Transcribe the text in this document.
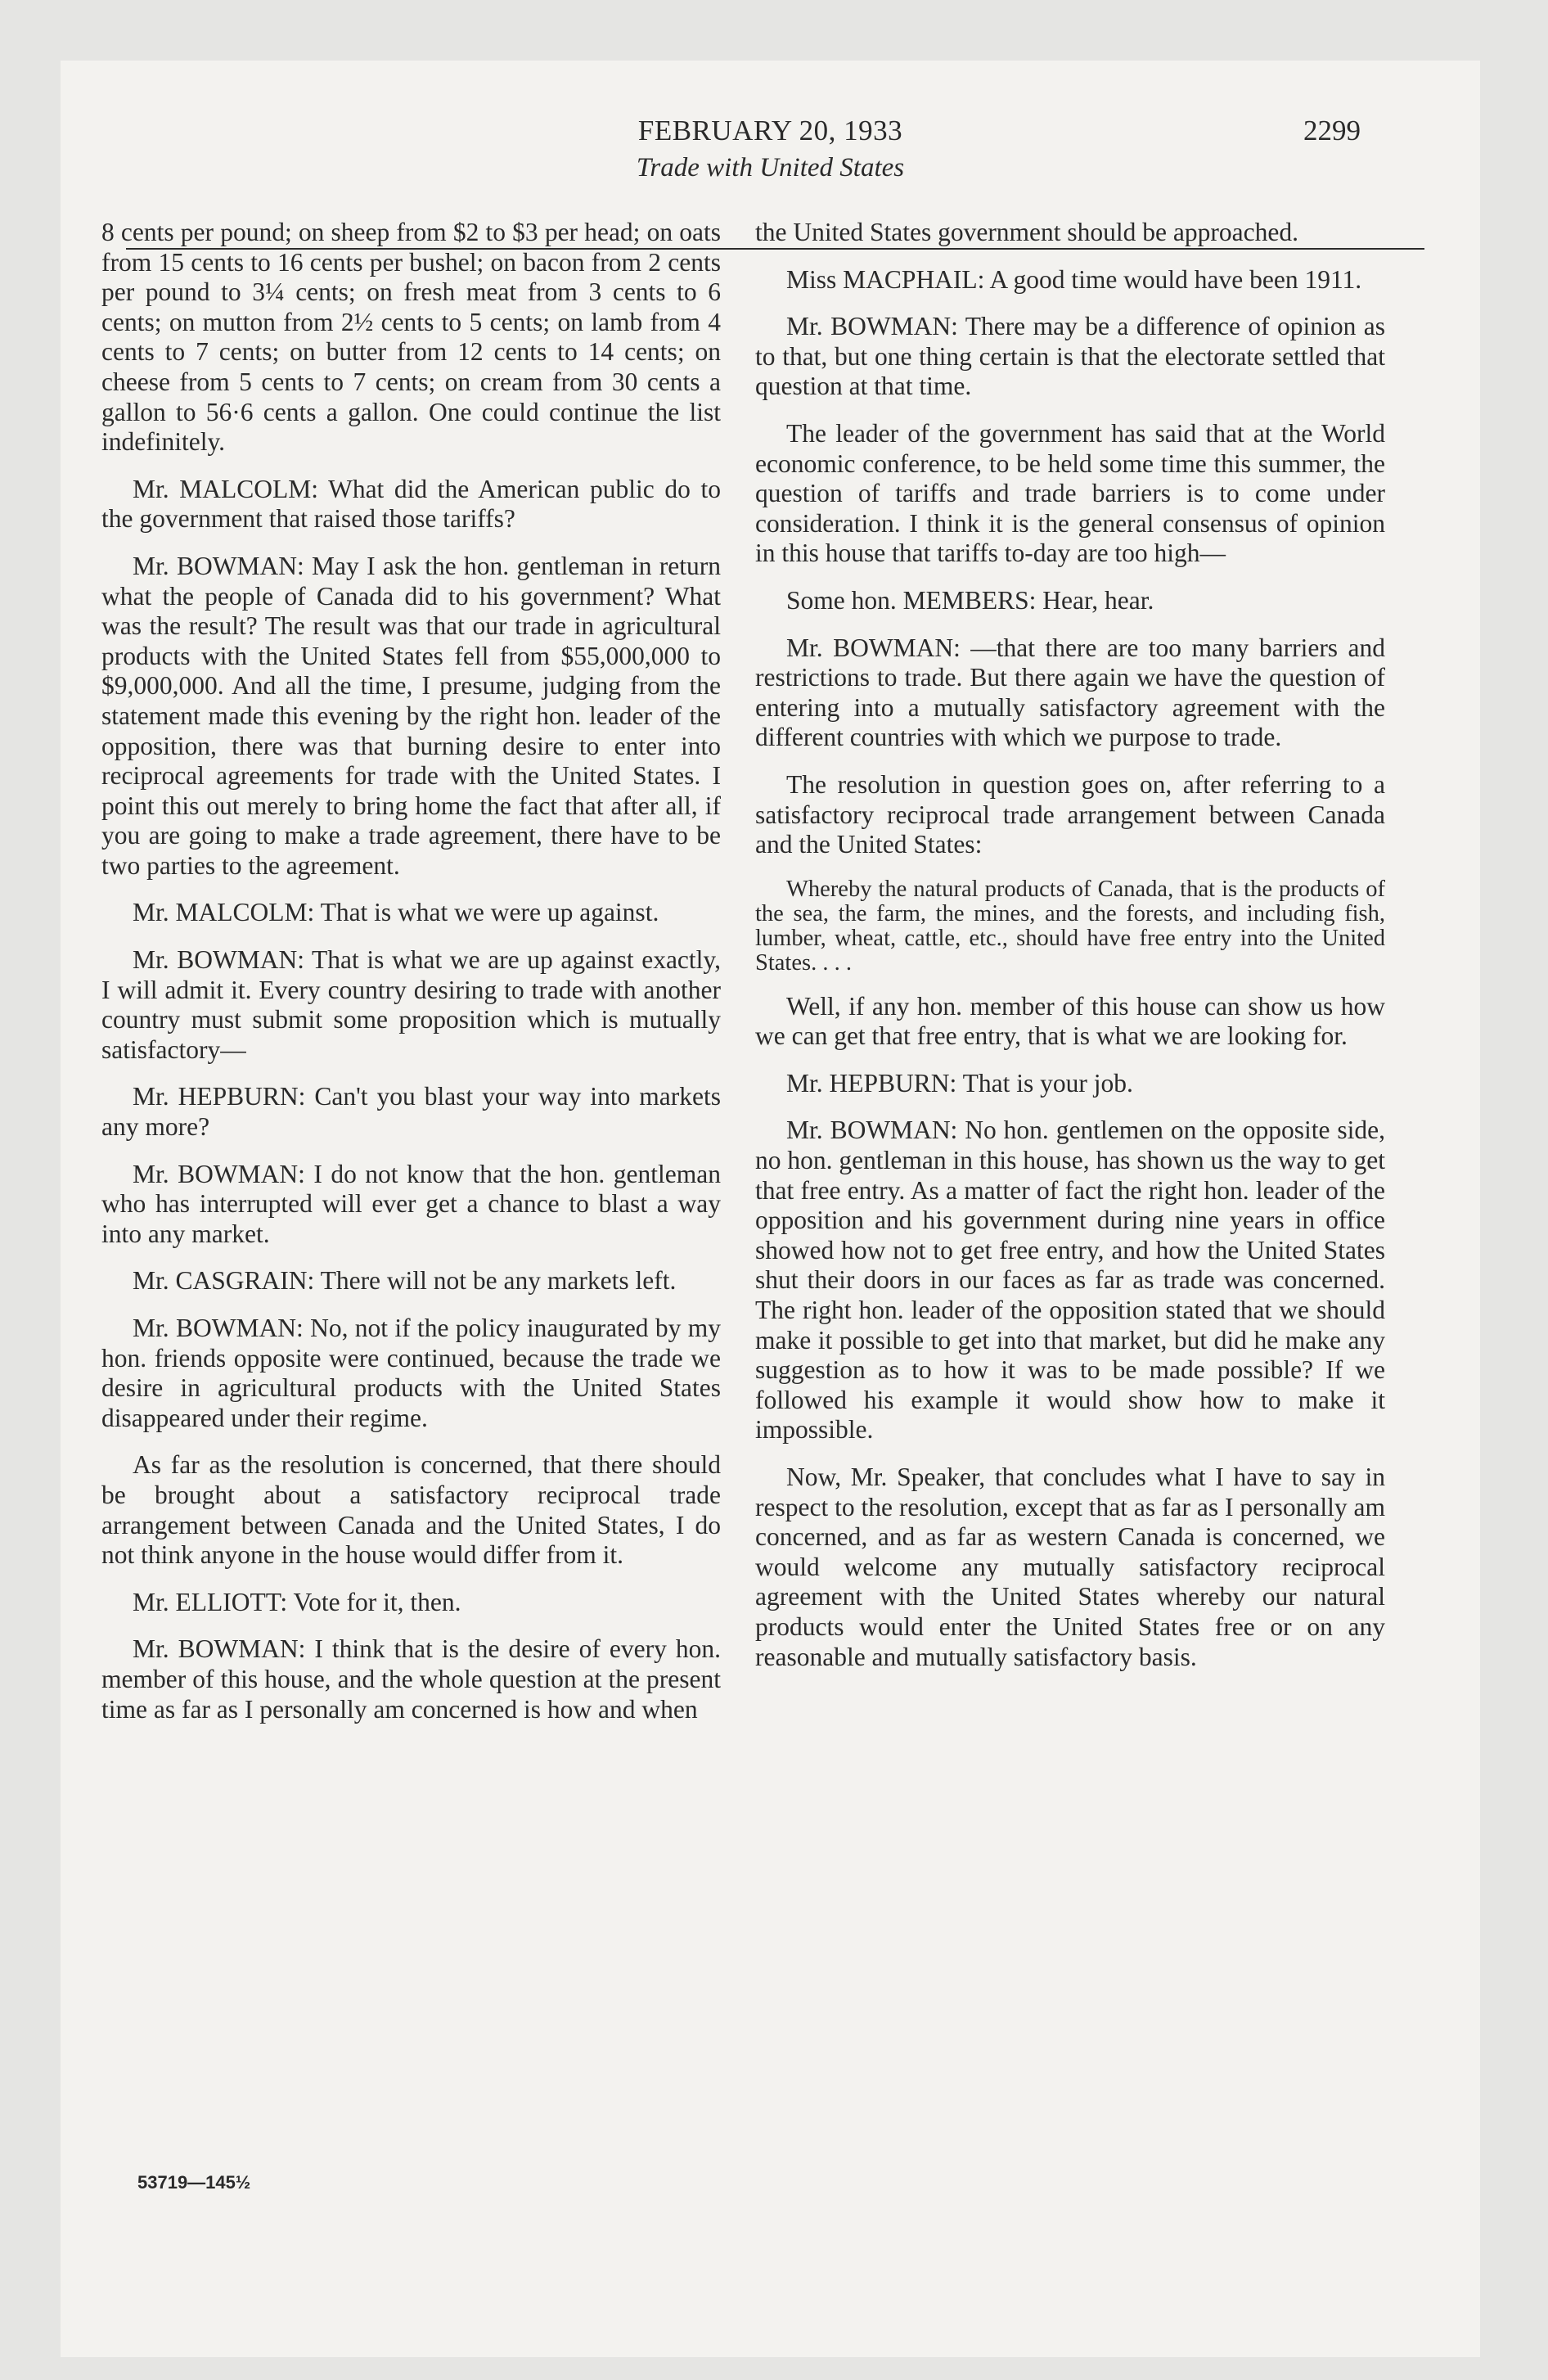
FEBRUARY 20, 1933	2299
Trade with United States

8 cents per pound; on sheep from $2 to $3 per head; on oats from 15 cents to 16 cents per bushel; on bacon from 2 cents per pound to 3¼ cents; on fresh meat from 3 cents to 6 cents; on mutton from 2½ cents to 5 cents; on lamb from 4 cents to 7 cents; on butter from 12 cents to 14 cents; on cheese from 5 cents to 7 cents; on cream from 30 cents a gallon to 56·6 cents a gallon. One could continue the list indefinitely.

Mr. MALCOLM: What did the American public do to the government that raised those tariffs?

Mr. BOWMAN: May I ask the hon. gentleman in return what the people of Canada did to his government? What was the result? The result was that our trade in agricultural products with the United States fell from $55,000,000 to $9,000,000. And all the time, I presume, judging from the statement made this evening by the right hon. leader of the opposition, there was that burning desire to enter into reciprocal agreements for trade with the United States. I point this out merely to bring home the fact that after all, if you are going to make a trade agreement, there have to be two parties to the agreement.

Mr. MALCOLM: That is what we were up against.

Mr. BOWMAN: That is what we are up against exactly, I will admit it. Every country desiring to trade with another country must submit some proposition which is mutually satisfactory—

Mr. HEPBURN: Can't you blast your way into markets any more?

Mr. BOWMAN: I do not know that the hon. gentleman who has interrupted will ever get a chance to blast a way into any market.

Mr. CASGRAIN: There will not be any markets left.

Mr. BOWMAN: No, not if the policy inaugurated by my hon. friends opposite were continued, because the trade we desire in agricultural products with the United States disappeared under their regime.

As far as the resolution is concerned, that there should be brought about a satisfactory reciprocal trade arrangement between Canada and the United States, I do not think anyone in the house would differ from it.

Mr. ELLIOTT: Vote for it, then.

Mr. BOWMAN: I think that is the desire of every hon. member of this house, and the whole question at the present time as far as I personally am concerned is how and when

the United States government should be approached.

Miss MACPHAIL: A good time would have been 1911.

Mr. BOWMAN: There may be a difference of opinion as to that, but one thing certain is that the electorate settled that question at that time.

The leader of the government has said that at the World economic conference, to be held some time this summer, the question of tariffs and trade barriers is to come under consideration. I think it is the general consensus of opinion in this house that tariffs to-day are too high—

Some hon. MEMBERS: Hear, hear.

Mr. BOWMAN: —that there are too many barriers and restrictions to trade. But there again we have the question of entering into a mutually satisfactory agreement with the different countries with which we purpose to trade.

The resolution in question goes on, after referring to a satisfactory reciprocal trade arrangement between Canada and the United States:

Whereby the natural products of Canada, that is the products of the sea, the farm, the mines, and the forests, and including fish, lumber, wheat, cattle, etc., should have free entry into the United States. . . .

Well, if any hon. member of this house can show us how we can get that free entry, that is what we are looking for.

Mr. HEPBURN: That is your job.

Mr. BOWMAN: No hon. gentlemen on the opposite side, no hon. gentleman in this house, has shown us the way to get that free entry. As a matter of fact the right hon. leader of the opposition and his government during nine years in office showed how not to get free entry, and how the United States shut their doors in our faces as far as trade was concerned. The right hon. leader of the opposition stated that we should make it possible to get into that market, but did he make any suggestion as to how it was to be made possible? If we followed his example it would show how to make it impossible.

Now, Mr. Speaker, that concludes what I have to say in respect to the resolution, except that as far as I personally am concerned, and as far as western Canada is concerned, we would welcome any mutually satisfactory reciprocal agreement with the United States whereby our natural products would enter the United States free or on any reasonable and mutually satisfactory basis.

53719—145½
